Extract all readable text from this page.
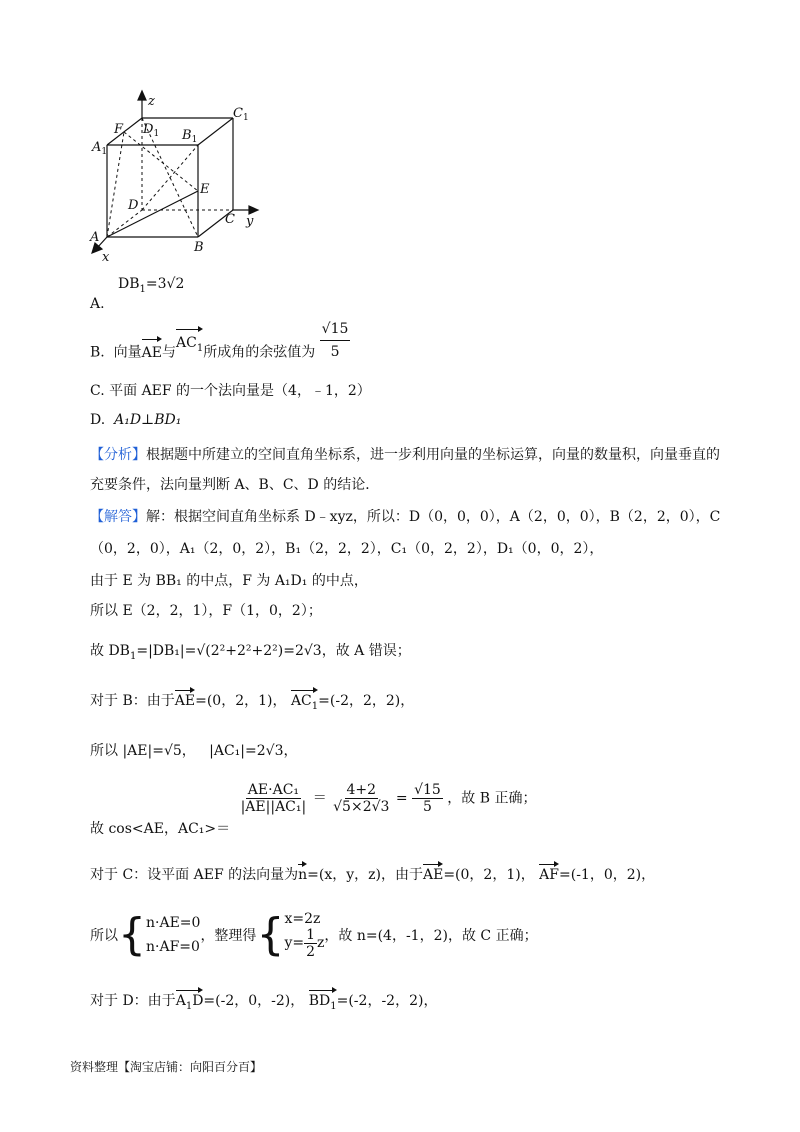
z
y
x
A
B
C
D
E
F
$A_1$
$B_1$
$C_1$
$D_1$
$DB_1=3√2$
A.
B. 向量AE与$AC_1$所成角的余弦值为 $\frac{√15}{5}$
C. 平面 AEF 的一个法向量是（4，﹣1，2）
D. A₁D⊥BD₁
【分析】根据题中所建立的空间直角坐标系，进一步利用向量的坐标运算，向量的数量积，向量垂直的
充要条件，法向量判断 A、B、C、D 的结论．
【解答】解：根据空间直角坐标系 D﹣xyz，所以：D（0，0，0），A（2，0，0），B（2，2，0），C
（0，2，0），A₁（2，0，2），B₁（2，2，2），C₁（0，2，2），D₁（0，0，2），
由于 E 为 BB₁ 的中点，F 为 A₁D₁ 的中点，
所以 E（2，2，1），F（1，0，2）；
故 $DB_1=|DB_1|=√(2^2+2^2+2^2)=2√3$，故 A 错误；
对于 B：由于AE=(0，2，1)， $AC_1=(-2$，2，2)，
所以 |AE|=√5， |AC₁|=2√3，
故 cos<AE，AC₁>＝
$\frac{\text{AE·AC₁}}{\text{|AE||AC₁|}} = \frac{4+2}{√5\times 2√3} = \frac{√15}{5}$ ，故 B 正确；
对于 C：设平面 AEF 的法向量为n=(x，y，z)，由于AE=(0，2，1)， AF=(-1，0，2)，
所以 { n·AE=0
n·AF=0
，整理得 { x=2z
$y= \frac{1}{2}$ z ，故 n=(4，-1，2)，故 C 正确；
对于 D：由于$A_1D=(-2$，0，-2)， $BD_1=(-2$，-2，2)，
资料整理【淘宝店铺：向阳百分百】
